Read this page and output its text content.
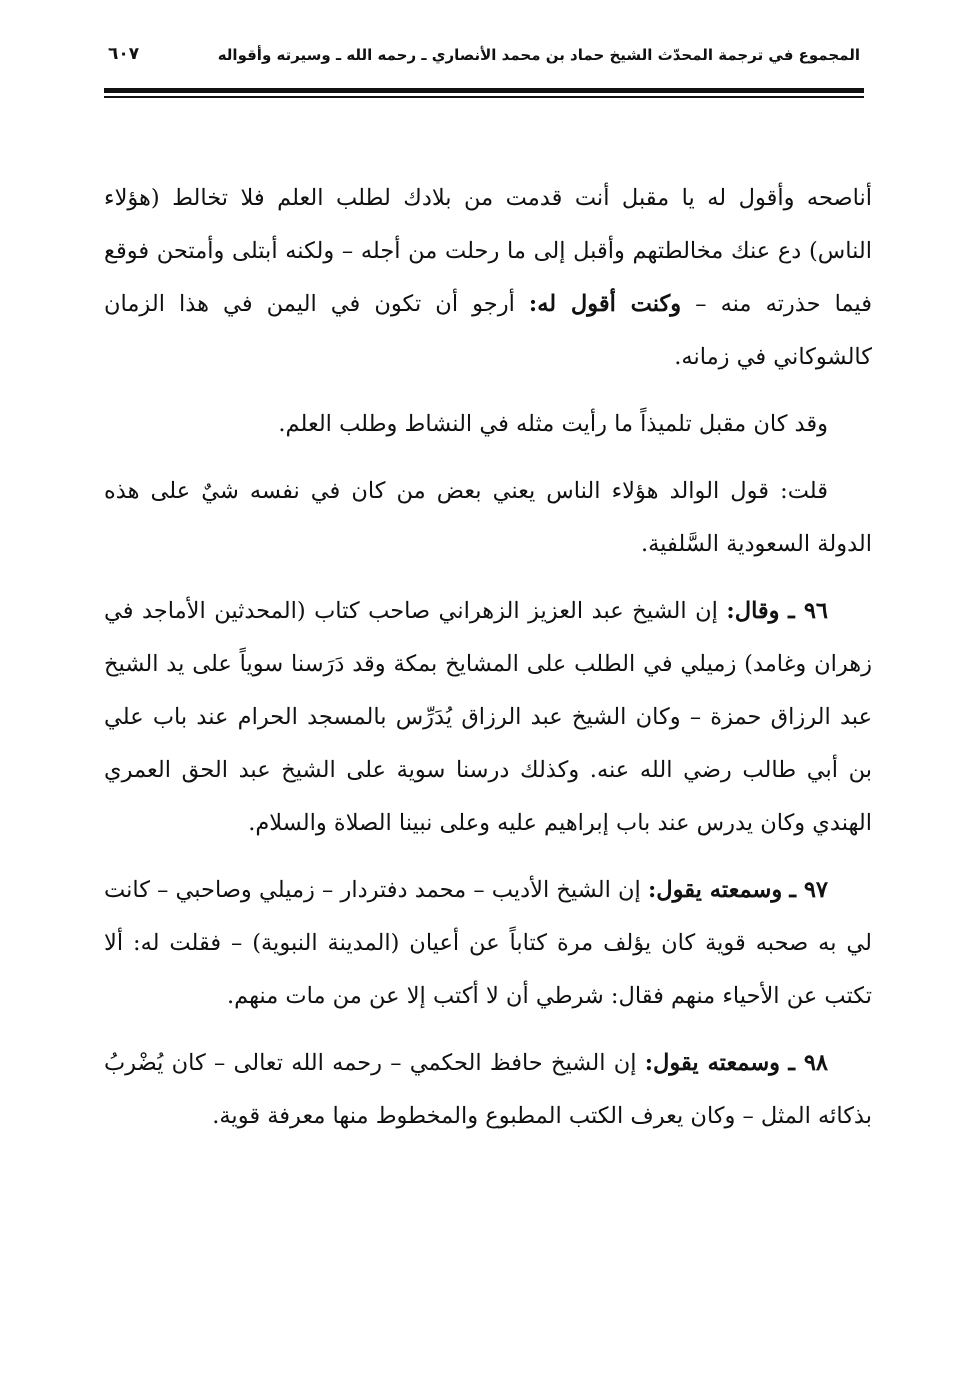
المجموع في ترجمة المحدّث الشيخ حماد بن محمد الأنصاري ـ رحمه الله ـ وسيرته وأقواله
٦٠٧

أناصحه وأقول له يا مقبل أنت قدمت من بلادك لطلب العلم فلا تخالط (هؤلاء الناس) دع عنك مخالطتهم وأقبل إلى ما رحلت من أجله – ولكنه أبتلى وأمتحن فوقع فيما حذرته منه – وكنت أقول له: أرجو أن تكون في اليمن في هذا الزمان كالشوكاني في زمانه.

وقد كان مقبل تلميذاً ما رأيت مثله في النشاط وطلب العلم.

قلت: قول الوالد هؤلاء الناس يعني بعض من كان في نفسه شيٌ على هذه الدولة السعودية السَّلفية.

٩٦ ـ وقال: إن الشيخ عبد العزيز الزهراني صاحب كتاب (المحدثين الأماجد في زهران وغامد) زميلي في الطلب على المشايخ بمكة وقد دَرَسنا سوياً على يد الشيخ عبد الرزاق حمزة – وكان الشيخ عبد الرزاق يُدَرِّس بالمسجد الحرام عند باب علي بن أبي طالب رضي الله عنه. وكذلك درسنا سوية على الشيخ عبد الحق العمري الهندي وكان يدرس عند باب إبراهيم عليه وعلى نبينا الصلاة والسلام.

٩٧ ـ وسمعته يقول: إن الشيخ الأديب – محمد دفتردار – زميلي وصاحبي – كانت لي به صحبه قوية كان يؤلف مرة كتاباً عن أعيان (المدينة النبوية) – فقلت له: ألا تكتب عن الأحياء منهم فقال: شرطي أن لا أكتب إلا عن من مات منهم.

٩٨ ـ وسمعته يقول: إن الشيخ حافظ الحكمي – رحمه الله تعالى – كان يُضْربُ بذكائه المثل – وكان يعرف الكتب المطبوع والمخطوط منها معرفة قوية.
